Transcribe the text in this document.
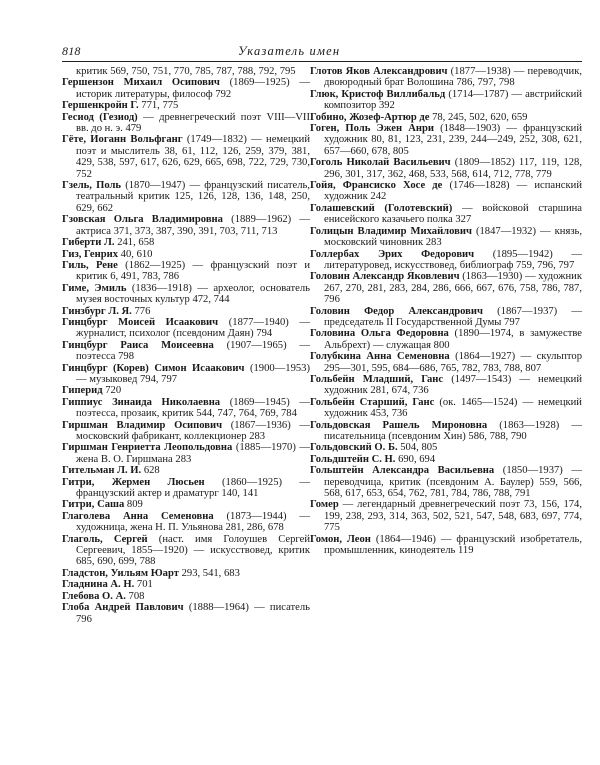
818	Указатель имен

критик 569, 750, 751, 770, 785, 787, 788, 792, 795

Гершензон Михаил Осипович (1869—1925) — историк литературы, философ 792

Гершенкройн Г. 771, 775

Гесиод (Гезиод) — древнегреческий поэт VIII—VII вв. до н. э. 479

Гёте, Иоганн Вольфганг (1749—1832) — немецкий поэт и мыслитель 38, 61, 112, 126, 259, 379, 381, 429, 538, 597, 617, 626, 629, 665, 698, 722, 729, 730, 752

Гзель, Поль (1870—1947) — французский писатель, театральный критик 125, 126, 128, 136, 148, 250, 629, 662

Гзовская Ольга Владимировна (1889—1962) — актриса 371, 373, 387, 390, 391, 703, 711, 713

Гиберти Л. 241, 658

Гиз, Генрих 40, 610

Гиль, Рене (1862—1925) — французский поэт и критик 6, 491, 783, 786

Гиме, Эмиль (1836—1918) — археолог, основатель музея восточных культур 472, 744

Гинзбург Л. Я. 776

Гинцбург Моисей Исаакович (1877—1940) — журналист, психолог (псевдоним Даян) 794

Гинцбург Раиса Моисеевна (1907—1965) — поэтесса 798

Гинцбург (Корев) Симон Исаакович (1900—1953) — музыковед 794, 797

Гиперид 720

Гиппиус Зинаида Николаевна (1869—1945) — поэтесса, прозаик, критик 544, 747, 764, 769, 784

Гиршман Владимир Осипович (1867—1936) — московский фабрикант, коллекционер 283

Гиршман Генриетта Леопольдовна (1885—1970) — жена В. О. Гиршмана 283

Гительман Л. И. 628

Гитри, Жермен Люсьен (1860—1925) — французский актер и драматург 140, 141

Гитри, Саша 809

Глаголева Анна Семеновна (1873—1944) — художница, жена Н. П. Ульянова 281, 286, 678

Глаголь, Сергей (наст. имя Голоушев Сергей Сергеевич, 1855—1920) — искусствовед, критик 685, 690, 699, 788

Гладстон, Уильям Юарт 293, 541, 683

Гладнина А. Н. 701

Глебова О. А. 708

Глоба Андрей Павлович (1888—1964) — писатель 796

Глотов Яков Александрович (1877—1938) — переводчик, двоюродный брат Волошина 786, 797, 798

Глюк, Кристоф Виллибальд (1714—1787) — австрийский композитор 392

Гобино, Жозеф-Артюр де 78, 245, 502, 620, 659

Гоген, Поль Эжен Анри (1848—1903) — французский художник 80, 81, 123, 231, 239, 244—249, 252, 308, 621, 657—660, 678, 805

Гоголь Николай Васильевич (1809—1852) 117, 119, 128, 296, 301, 317, 362, 468, 533, 568, 614, 712, 778, 779

Гойя, Франсиско Хосе де (1746—1828) — испанский художник 242

Голашевский (Голотевский) — войсковой старшина енисейского казачьего полка 327

Голицын Владимир Михайлович (1847—1932) — князь, московский чиновник 283

Голлербах Эрих Федорович (1895—1942) — литературовед, искусствовед, библиограф 759, 796, 797

Головин Александр Яковлевич (1863—1930) — художник 267, 270, 281, 283, 284, 286, 666, 667, 676, 758, 786, 787, 796

Головин Федор Александрович (1867—1937) — председатель II Государственной Думы 797

Головина Ольга Федоровна (1890—1974, в замужестве Альбрехт) — служащая 800

Голубкина Анна Семеновна (1864—1927) — скульптор 295—301, 595, 684—686, 765, 782, 783, 788, 807

Гольбейн Младший, Ганс (1497—1543) — немецкий художник 281, 674, 736

Гольбейн Старший, Ганс (ок. 1465—1524) — немецкий художник 453, 736

Гольдовская Рашель Мироновна (1863—1928) — писательница (псевдоним Хин) 586, 788, 790

Гольдовский О. Б. 504, 805

Гольдштейн С. Н. 690, 694

Гольштейн Александра Васильевна (1850—1937) — переводчица, критик (псевдоним А. Баулер) 559, 566, 568, 617, 653, 654, 762, 781, 784, 786, 788, 791

Гомер — легендарный древнегреческий поэт 73, 156, 174, 199, 238, 293, 314, 363, 502, 521, 547, 548, 683, 697, 774, 775

Гомон, Леон (1864—1946) — французский изобретатель, промышленник, кинодеятель 119
